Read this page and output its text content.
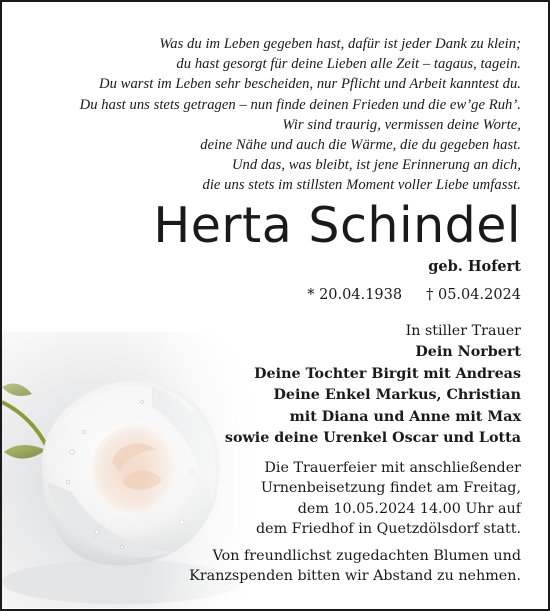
Was du im Leben gegeben hast, dafür ist jeder Dank zu klein;
du hast gesorgt für deine Lieben alle Zeit – tagaus, tagein.
Du warst im Leben sehr bescheiden, nur Pflicht und Arbeit kanntest du.
Du hast uns stets getragen – nun finde deinen Frieden und die ew’ge Ruh’.
Wir sind traurig, vermissen deine Worte,
deine Nähe und auch die Wärme, die du gegeben hast.
Und das, was bleibt, ist jene Erinnerung an dich,
die uns stets im stillsten Moment voller Liebe umfasst.
Herta Schindel
geb. Hofert
* 20.04.1938 † 05.04.2024
In stiller Trauer
Dein Norbert
Deine Tochter Birgit mit Andreas
Deine Enkel Markus, Christian
mit Diana und Anne mit Max
sowie deine Urenkel Oscar und Lotta
Die Trauerfeier mit anschließender
Urnenbeisetzung findet am Freitag,
dem 10.05.2024 14.00 Uhr auf
dem Friedhof in Quetzdölsdorf statt.
Von freundlichst zugedachten Blumen und
Kranzspenden bitten wir Abstand zu nehmen.
